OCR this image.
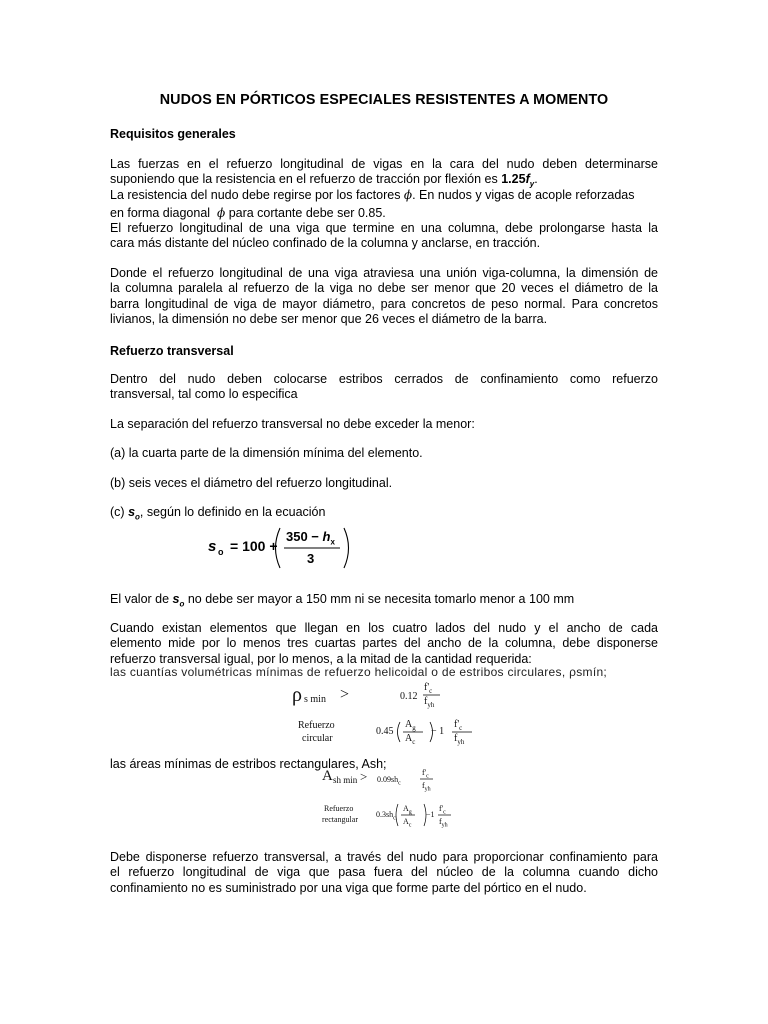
NUDOS EN PÓRTICOS ESPECIALES RESISTENTES A MOMENTO
Requisitos generales
Las fuerzas en el refuerzo longitudinal de vigas en la cara del nudo deben determinarse
suponiendo que la resistencia en el refuerzo de tracción por flexión es $1.25f_y$.
La resistencia del nudo debe regirse por los factores ϕ. En nudos y vigas de acople reforzadas
en forma diagonal  ϕ para cortante debe ser 0.85.
El refuerzo longitudinal de una viga que termine en una columna, debe prolongarse hasta la
cara más distante del núcleo confinado de la columna y anclarse, en tracción.
Donde el refuerzo longitudinal de una viga atraviesa una unión viga-columna, la dimensión de
la columna paralela al refuerzo de la viga no debe ser menor que 20 veces el diámetro de la
barra longitudinal de viga de mayor diámetro, para concretos de peso normal. Para concretos
livianos, la dimensión no debe ser menor que 26 veces el diámetro de la barra.
Refuerzo transversal
Dentro del nudo deben colocarse estribos cerrados de confinamiento como refuerzo
transversal, tal como lo especifica
La separación del refuerzo transversal no debe exceder la menor:
(a) la cuarta parte de la dimensión mínima del elemento.
(b) seis veces el diámetro del refuerzo longitudinal.
(c) $s_o$, según lo definido en la ecuación
s o = 100 +
$350 - h_x$
3
El valor de $s_o$ no debe ser mayor a 150 mm ni se necesita tomarlo menor a 100 mm
Cuando existan elementos que llegan en los cuatro lados del nudo y el ancho de cada
elemento mide por lo menos tres cuartas partes del ancho de la columna, debe disponerse
refuerzo transversal igual, por lo menos, a la mitad de la cantidad requerida:
las cuantías volumétricas mínimas de refuerzo helicoidal o de estribos circulares, ρsmín;
ρ s min >	0.12
$f'_c$
$f_{yh}$
Refuerzo
circular
0.45
$A_g$
$A_c$
− 1
$f'_c$
$f_{yh}$
las áreas mínimas de estribos rectangulares, Ash;
A sh $\min > 0.09sh_c$
$f'_c$
$f_{yh}$
Refuerzo
rectangular
$0.3sh_c$
$A_g$
$A_c$
−1
$f'_c$
$f_{yh}$
Debe disponerse refuerzo transversal, a través del nudo para proporcionar confinamiento para
el refuerzo longitudinal de viga que pasa fuera del núcleo de la columna cuando dicho
confinamiento no es suministrado por una viga que forme parte del pórtico en el nudo.
